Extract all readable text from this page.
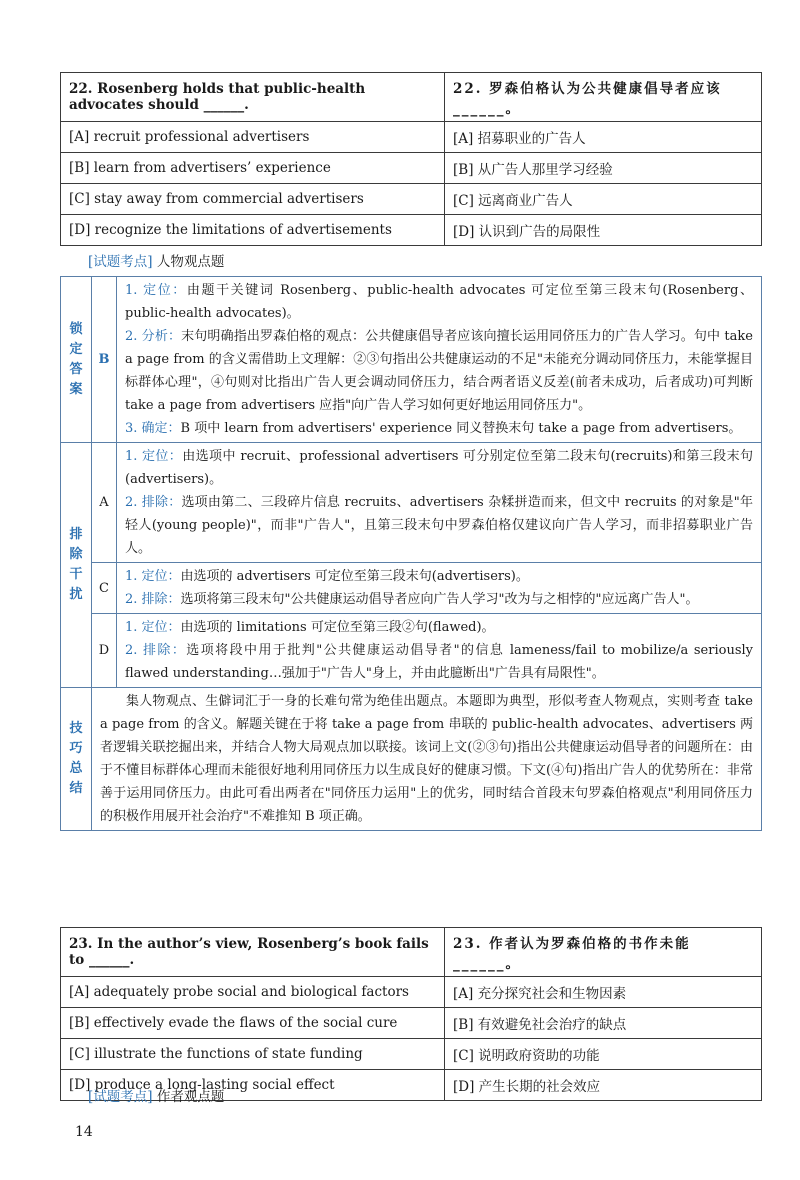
22. Rosenberg holds that public-health advocates should ______.	22. 罗森伯格认为公共健康倡导者应该______。
[A] recruit professional advertisers	[A] 招募职业的广告人
[B] learn from advertisers’ experience	[B] 从广告人那里学习经验
[C] stay away from commercial advertisers	[C] 远离商业广告人
[D] recognize the limitations of advertisements	[D] 认识到广告的局限性
[试题考点] 人物观点题
锁定答案	B	1. 定位：由题干关键词 Rosenberg、public-health advocates 可定位至第三段末句(Rosenberg、public-health advocates)。

2. 分析：末句明确指出罗森伯格的观点：公共健康倡导者应该向擅长运用同侪压力的广告人学习。句中 take a page from 的含义需借助上文理解：②③句指出公共健康运动的不足"未能充分调动同侪压力，未能掌握目标群体心理"，④句则对比指出广告人更会调动同侪压力，结合两者语义反差(前者未成功，后者成功)可判断 take a page from advertisers 应指"向广告人学习如何更好地运用同侪压力"。

3. 确定：B 项中 learn from advertisers' experience 同义替换末句 take a page from advertisers。

排除干扰	A	1. 定位：由选项中 recruit、professional advertisers 可分别定位至第二段末句(recruits)和第三段末句(advertisers)。

2. 排除：选项由第二、三段碎片信息 recruits、advertisers 杂糅拼造而来，但文中 recruits 的对象是"年轻人(young people)"，而非"广告人"，且第三段末句中罗森伯格仅建议向广告人学习，而非招募职业广告人。

	C	1. 定位：由选项的 advertisers 可定位至第三段末句(advertisers)。

2. 排除：选项将第三段末句"公共健康运动倡导者应向广告人学习"改为与之相悖的"应远离广告人"。

	D	1. 定位：由选项的 limitations 可定位至第三段②句(flawed)。

2. 排除：选项将段中用于批判"公共健康运动倡导者"的信息 lameness/fail to mobilize/a seriously flawed understanding…强加于"广告人"身上，并由此臆断出"广告具有局限性"。

技巧总结	集人物观点、生僻词汇于一身的长难句常为绝佳出题点。本题即为典型，形似考查人物观点，实则考查 take a page from 的含义。解题关键在于将 take a page from 串联的 public-health advocates、advertisers 两者逻辑关联挖掘出来，并结合人物大局观点加以联接。该词上文(②③句)指出公共健康运动倡导者的问题所在：由于不懂目标群体心理而未能很好地利用同侪压力以生成良好的健康习惯。下文(④句)指出广告人的优势所在：非常善于运用同侪压力。由此可看出两者在"同侪压力运用"上的优劣，同时结合首段末句罗森伯格观点"利用同侪压力的积极作用展开社会治疗"不难推知 B 项正确。	

23. In the author’s view, Rosenberg’s book fails to ______.	23. 作者认为罗森伯格的书作未能______。
[A] adequately probe social and biological factors	[A] 充分探究社会和生物因素
[B] effectively evade the flaws of the social cure	[B] 有效避免社会治疗的缺点
[C] illustrate the functions of state funding	[C] 说明政府资助的功能
[D] produce a long-lasting social effect	[D] 产生长期的社会效应
[试题考点] 作者观点题
14
